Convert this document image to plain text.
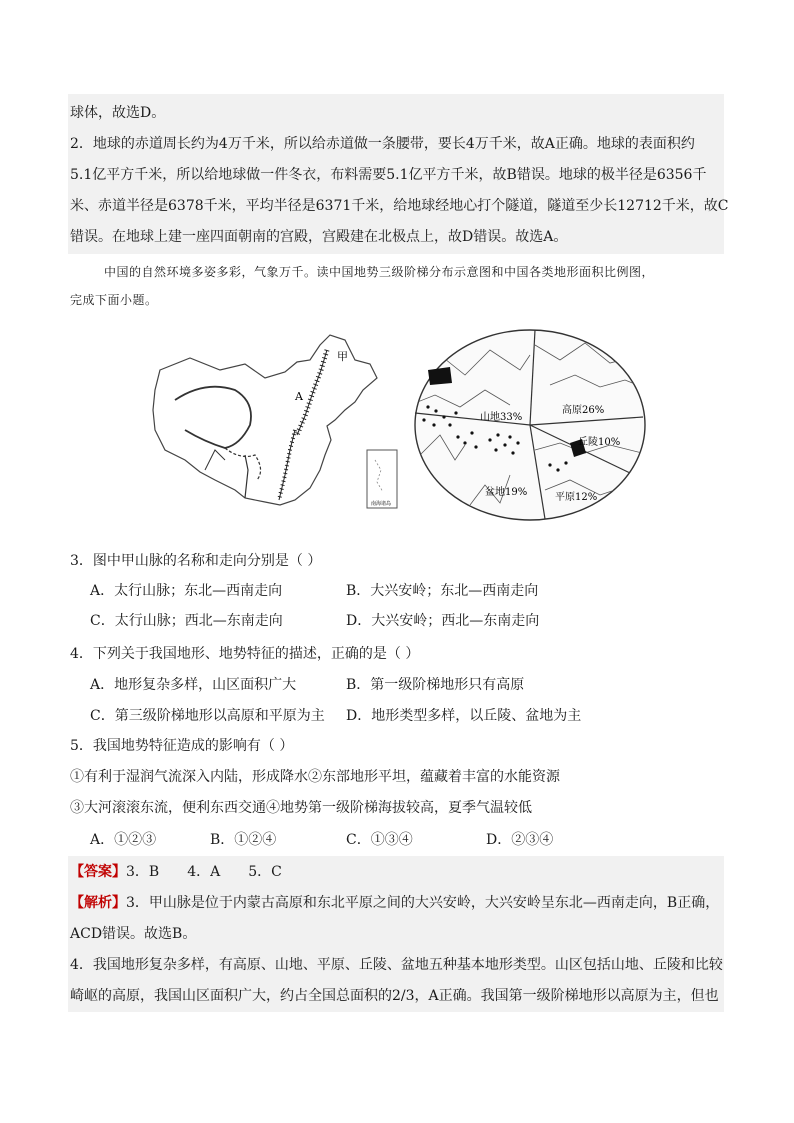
球体，故选D。
2．地球的赤道周长约为4万千米，所以给赤道做一条腰带，要长4万千米，故A正确。地球的表面积约
5.1亿平方千米，所以给地球做一件冬衣，布料需要5.1亿平方千米，故B错误。地球的极半径是6356千
米、赤道半径是6378千米，平均半径是6371千米，给地球经地心打个隧道，隧道至少长12712千米，故C
错误。在地球上建一座四面朝南的宫殿，宫殿建在北极点上，故D错误。故选A。
中国的自然环境多姿多彩，气象万千。读中国地势三级阶梯分布示意图和中国各类地形面积比例图，
完成下面小题。
甲
A
南海诸岛
山地33%
高原26%
丘陵10%
平原12%
盆地19%
3．图中甲山脉的名称和走向分别是（ ）
A．太行山脉；东北—西南走向	B．大兴安岭；东北—西南走向
C．太行山脉；西北—东南走向	D．大兴安岭；西北—东南走向
4．下列关于我国地形、地势特征的描述，正确的是（ ）
A．地形复杂多样，山区面积广大	B．第一级阶梯地形只有高原
C．第三级阶梯地形以高原和平原为主 D．地形类型多样，以丘陵、盆地为主
5．我国地势特征造成的影响有（ ）
①有利于湿润气流深入内陆，形成降水②东部地形平坦，蕴藏着丰富的水能资源
③大河滚滚东流，便利东西交通④地势第一级阶梯海拔较高，夏季气温较低
A．①②③	B．①②④	C．①③④	D．②③④
【答案】3．B　　4．A　　5．C
【解析】3．甲山脉是位于内蒙古高原和东北平原之间的大兴安岭，大兴安岭呈东北—西南走向，B正确，
ACD错误。故选B。
4．我国地形复杂多样，有高原、山地、平原、丘陵、盆地五种基本地形类型。山区包括山地、丘陵和比较
崎岖的高原，我国山区面积广大，约占全国总面积的2/3，A正确。我国第一级阶梯地形以高原为主，但也
